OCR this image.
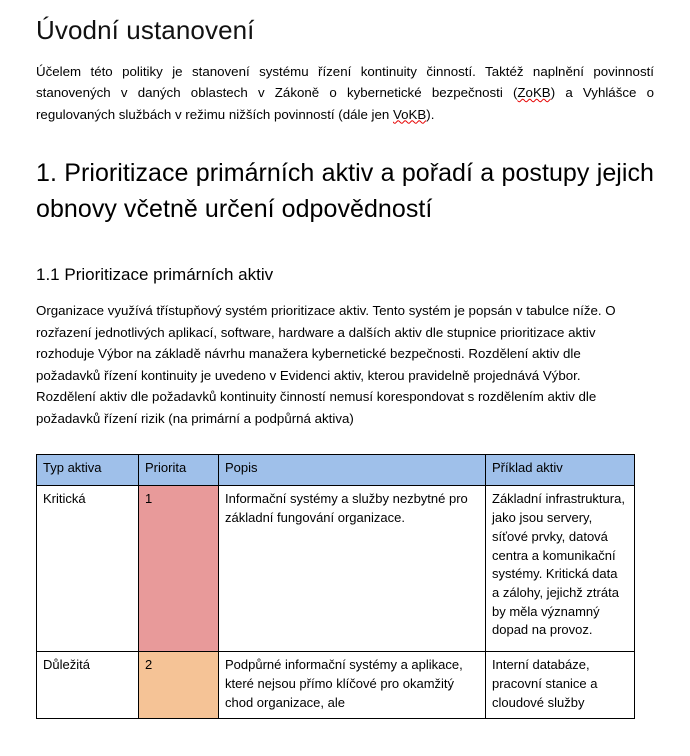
Úvodní ustanovení

Účelem této politiky je stanovení systému řízení kontinuity činností. Taktéž naplnění povinností stanovených v daných oblastech v Zákoně o kybernetické bezpečnosti (ZoKB) a Vyhlášce o regulovaných službách v režimu nižších povinností (dále jen VoKB).

1. Prioritizace primárních aktiv a pořadí a postupy jejich obnovy včetně určení odpovědností
1.1 Prioritizace primárních aktiv

Organizace využívá třístupňový systém prioritizace aktiv. Tento systém je popsán v tabulce níže. O rozřazení jednotlivých aplikací, software, hardware a dalších aktiv dle stupnice prioritizace aktiv rozhoduje Výbor na základě návrhu manažera kybernetické bezpečnosti. Rozdělení aktiv dle požadavků řízení kontinuity je uvedeno v Evidenci aktiv, kterou pravidelně projednává Výbor. Rozdělení aktiv dle požadavků kontinuity činností nemusí korespondovat s rozdělením aktiv dle požadavků řízení rizik (na primární a podpůrná aktiva)

Typ aktiva	Priorita	Popis	Příklad aktiv
Kritická	1	Informační systémy a služby nezbytné pro základní fungování organizace.	Základní infrastruktura, jako jsou servery, síťové prvky, datová centra a komunikační systémy. Kritická data a zálohy, jejichž ztráta by měla významný dopad na provoz.
Důležitá	2	Podpůrné informační systémy a aplikace, které nejsou přímo klíčové pro okamžitý chod organizace, ale	Interní databáze, pracovní stanice a cloudové služby
